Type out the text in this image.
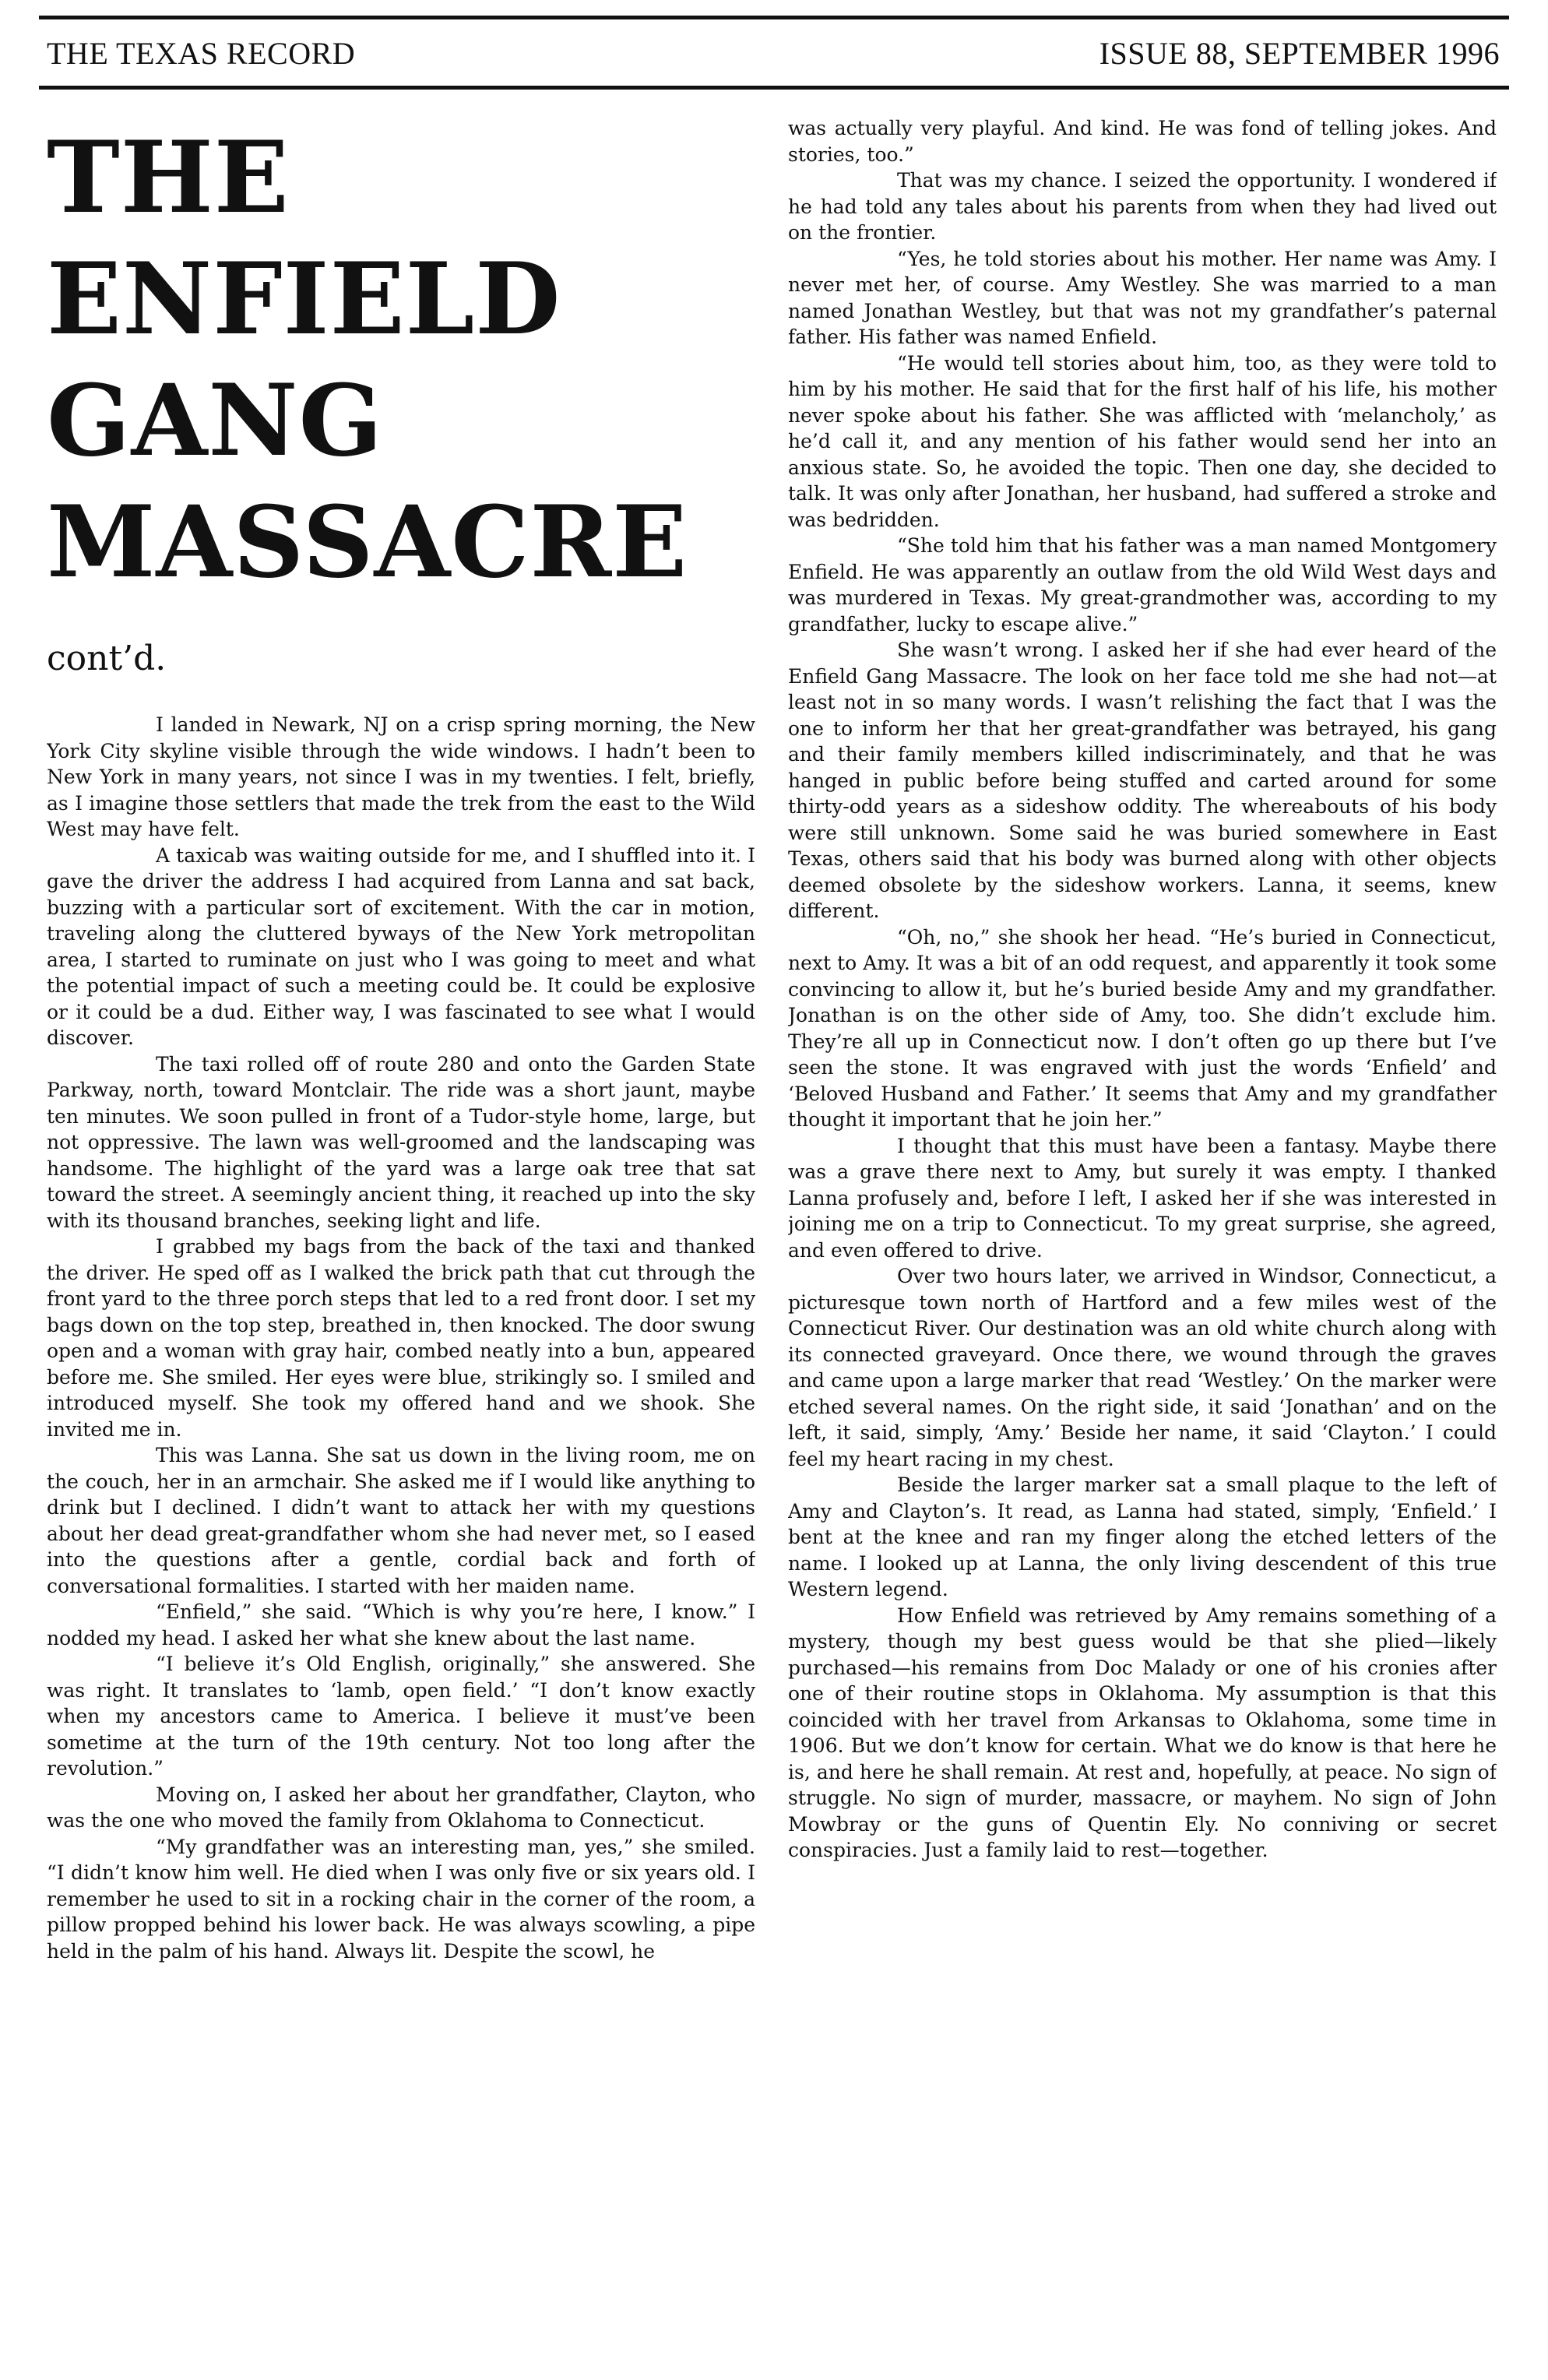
THE TEXAS RECORD	ISSUE 88, SEPTEMBER 1996
THE ENFIELD GANG MASSACRE
cont’d.

I landed in Newark, NJ on a crisp spring morning, the New York City skyline visible through the wide windows. I hadn’t been to New York in many years, not since I was in my twenties. I felt, briefly, as I imagine those settlers that made the trek from the east to the Wild West may have felt.

A taxicab was waiting outside for me, and I shuffled into it. I gave the driver the address I had acquired from Lanna and sat back, buzzing with a particular sort of excitement. With the car in motion, traveling along the cluttered byways of the New York metropolitan area, I started to ruminate on just who I was going to meet and what the potential impact of such a meeting could be. It could be explosive or it could be a dud. Either way, I was fascinated to see what I would discover.

The taxi rolled off of route 280 and onto the Garden State Parkway, north, toward Montclair. The ride was a short jaunt, maybe ten minutes. We soon pulled in front of a Tudor-style home, large, but not oppressive. The lawn was well-groomed and the landscaping was handsome. The highlight of the yard was a large oak tree that sat toward the street. A seemingly ancient thing, it reached up into the sky with its thousand branches, seeking light and life.

I grabbed my bags from the back of the taxi and thanked the driver. He sped off as I walked the brick path that cut through the front yard to the three porch steps that led to a red front door. I set my bags down on the top step, breathed in, then knocked. The door swung open and a woman with gray hair, combed neatly into a bun, appeared before me. She smiled. Her eyes were blue, strikingly so. I smiled and introduced myself. She took my offered hand and we shook. She invited me in.

This was Lanna. She sat us down in the living room, me on the couch, her in an armchair. She asked me if I would like anything to drink but I declined. I didn’t want to attack her with my questions about her dead great-grandfather whom she had never met, so I eased into the questions after a gentle, cordial back and forth of conversational formalities. I started with her maiden name.

“Enfield,” she said. “Which is why you’re here, I know.” I nodded my head. I asked her what she knew about the last name.

“I believe it’s Old English, originally,” she answered. She was right. It translates to ‘lamb, open field.’ “I don’t know exactly when my ancestors came to America. I believe it must’ve been sometime at the turn of the 19th century. Not too long after the revolution.”

Moving on, I asked her about her grandfather, Clayton, who was the one who moved the family from Oklahoma to Connecticut.

“My grandfather was an interesting man, yes,” she smiled. “I didn’t know him well. He died when I was only five or six years old. I remember he used to sit in a rocking chair in the corner of the room, a pillow propped behind his lower back. He was always scowling, a pipe held in the palm of his hand. Always lit. Despite the scowl, he

was actually very playful. And kind. He was fond of telling jokes. And stories, too.”

That was my chance. I seized the opportunity. I wondered if he had told any tales about his parents from when they had lived out on the frontier.

“Yes, he told stories about his mother. Her name was Amy. I never met her, of course. Amy Westley. She was married to a man named Jonathan Westley, but that was not my grandfather’s paternal father. His father was named Enfield.

“He would tell stories about him, too, as they were told to him by his mother. He said that for the first half of his life, his mother never spoke about his father. She was afflicted with ‘melancholy,’ as he’d call it, and any mention of his father would send her into an anxious state. So, he avoided the topic. Then one day, she decided to talk. It was only after Jonathan, her husband, had suffered a stroke and was bedridden.

“She told him that his father was a man named Montgomery Enfield. He was apparently an outlaw from the old Wild West days and was murdered in Texas. My great-grandmother was, according to my grandfather, lucky to escape alive.”

She wasn’t wrong. I asked her if she had ever heard of the Enfield Gang Massacre. The look on her face told me she had not—at least not in so many words. I wasn’t relishing the fact that I was the one to inform her that her great-grandfather was betrayed, his gang and their family members killed indiscriminately, and that he was hanged in public before being stuffed and carted around for some thirty-odd years as a sideshow oddity. The whereabouts of his body were still unknown. Some said he was buried somewhere in East Texas, others said that his body was burned along with other objects deemed obsolete by the sideshow workers. Lanna, it seems, knew different.

“Oh, no,” she shook her head. “He’s buried in Connecticut, next to Amy. It was a bit of an odd request, and apparently it took some convincing to allow it, but he’s buried beside Amy and my grandfather. Jonathan is on the other side of Amy, too. She didn’t exclude him. They’re all up in Connecticut now. I don’t often go up there but I’ve seen the stone. It was engraved with just the words ‘Enfield’ and ‘Beloved Husband and Father.’ It seems that Amy and my grandfather thought it important that he join her.”

I thought that this must have been a fantasy. Maybe there was a grave there next to Amy, but surely it was empty. I thanked Lanna profusely and, before I left, I asked her if she was interested in joining me on a trip to Connecticut. To my great surprise, she agreed, and even offered to drive.

Over two hours later, we arrived in Windsor, Connecticut, a picturesque town north of Hartford and a few miles west of the Connecticut River. Our destination was an old white church along with its connected graveyard. Once there, we wound through the graves and came upon a large marker that read ‘Westley.’ On the marker were etched several names. On the right side, it said ‘Jonathan’ and on the left, it said, simply, ‘Amy.’ Beside her name, it said ‘Clayton.’ I could feel my heart racing in my chest.

Beside the larger marker sat a small plaque to the left of Amy and Clayton’s. It read, as Lanna had stated, simply, ‘Enfield.’ I bent at the knee and ran my finger along the etched letters of the name. I looked up at Lanna, the only living descendent of this true Western legend.

How Enfield was retrieved by Amy remains something of a mystery, though my best guess would be that she plied—likely purchased—his remains from Doc Malady or one of his cronies after one of their routine stops in Oklahoma. My assumption is that this coincided with her travel from Arkansas to Oklahoma, some time in 1906. But we don’t know for certain. What we do know is that here he is, and here he shall remain. At rest and, hopefully, at peace. No sign of struggle. No sign of murder, massacre, or mayhem. No sign of John Mowbray or the guns of Quentin Ely. No conniving or secret conspiracies. Just a family laid to rest—together.
